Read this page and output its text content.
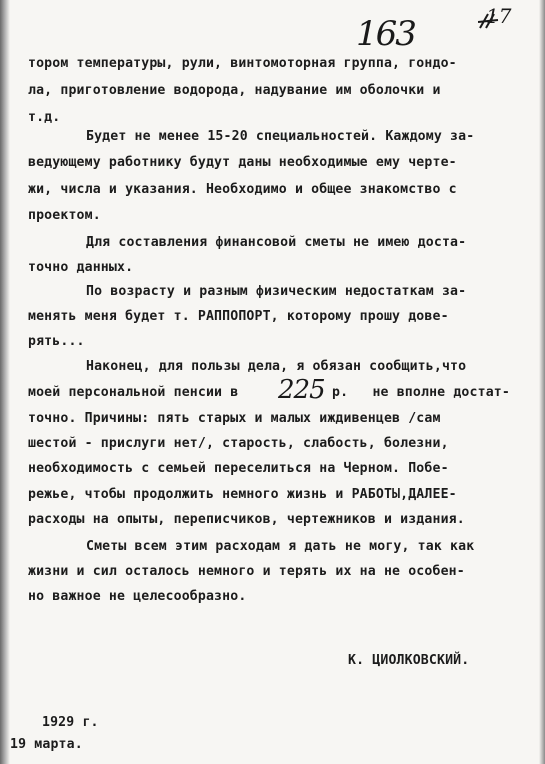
163	17
тором температуры, рули, винтомоторная группа, гондо-
ла, приготовление водорода, надувание им оболочки и
т.д.
Будет не менее 15-20 специальностей. Каждому за-
ведующему работнику будут даны необходимые ему черте-
жи, числа и указания. Необходимо и общее знакомство с
проектом.
Для составления финансовой сметы не имею доста-
точно данных.
По возрасту и разным физическим недостаткам за-
менять меня будет т. РАППОПОРТ, которому прошу дове-
рять...
Наконец, для пользы дела, я обязан сообщить,что
моей персональной пенсии в 225 р.   не вполне достат-
точно. Причины: пять старых и малых иждивенцев /сам
шестой - прислуги нет/, старость, слабость, болезни,
необходимость с семьей переселиться на Черном. Побе-
режье, чтобы продолжить немного жизнь и РАБОТЫ,ДАЛЕЕ-
расходы на опыты, переписчиков, чертежников и издания.
Сметы всем этим расходам я дать не могу, так как
жизни и сил осталось немного и терять их на не особен-
но важное не целесообразно.
К. ЦИОЛКОВСКИЙ.
1929 г.
19 марта.
